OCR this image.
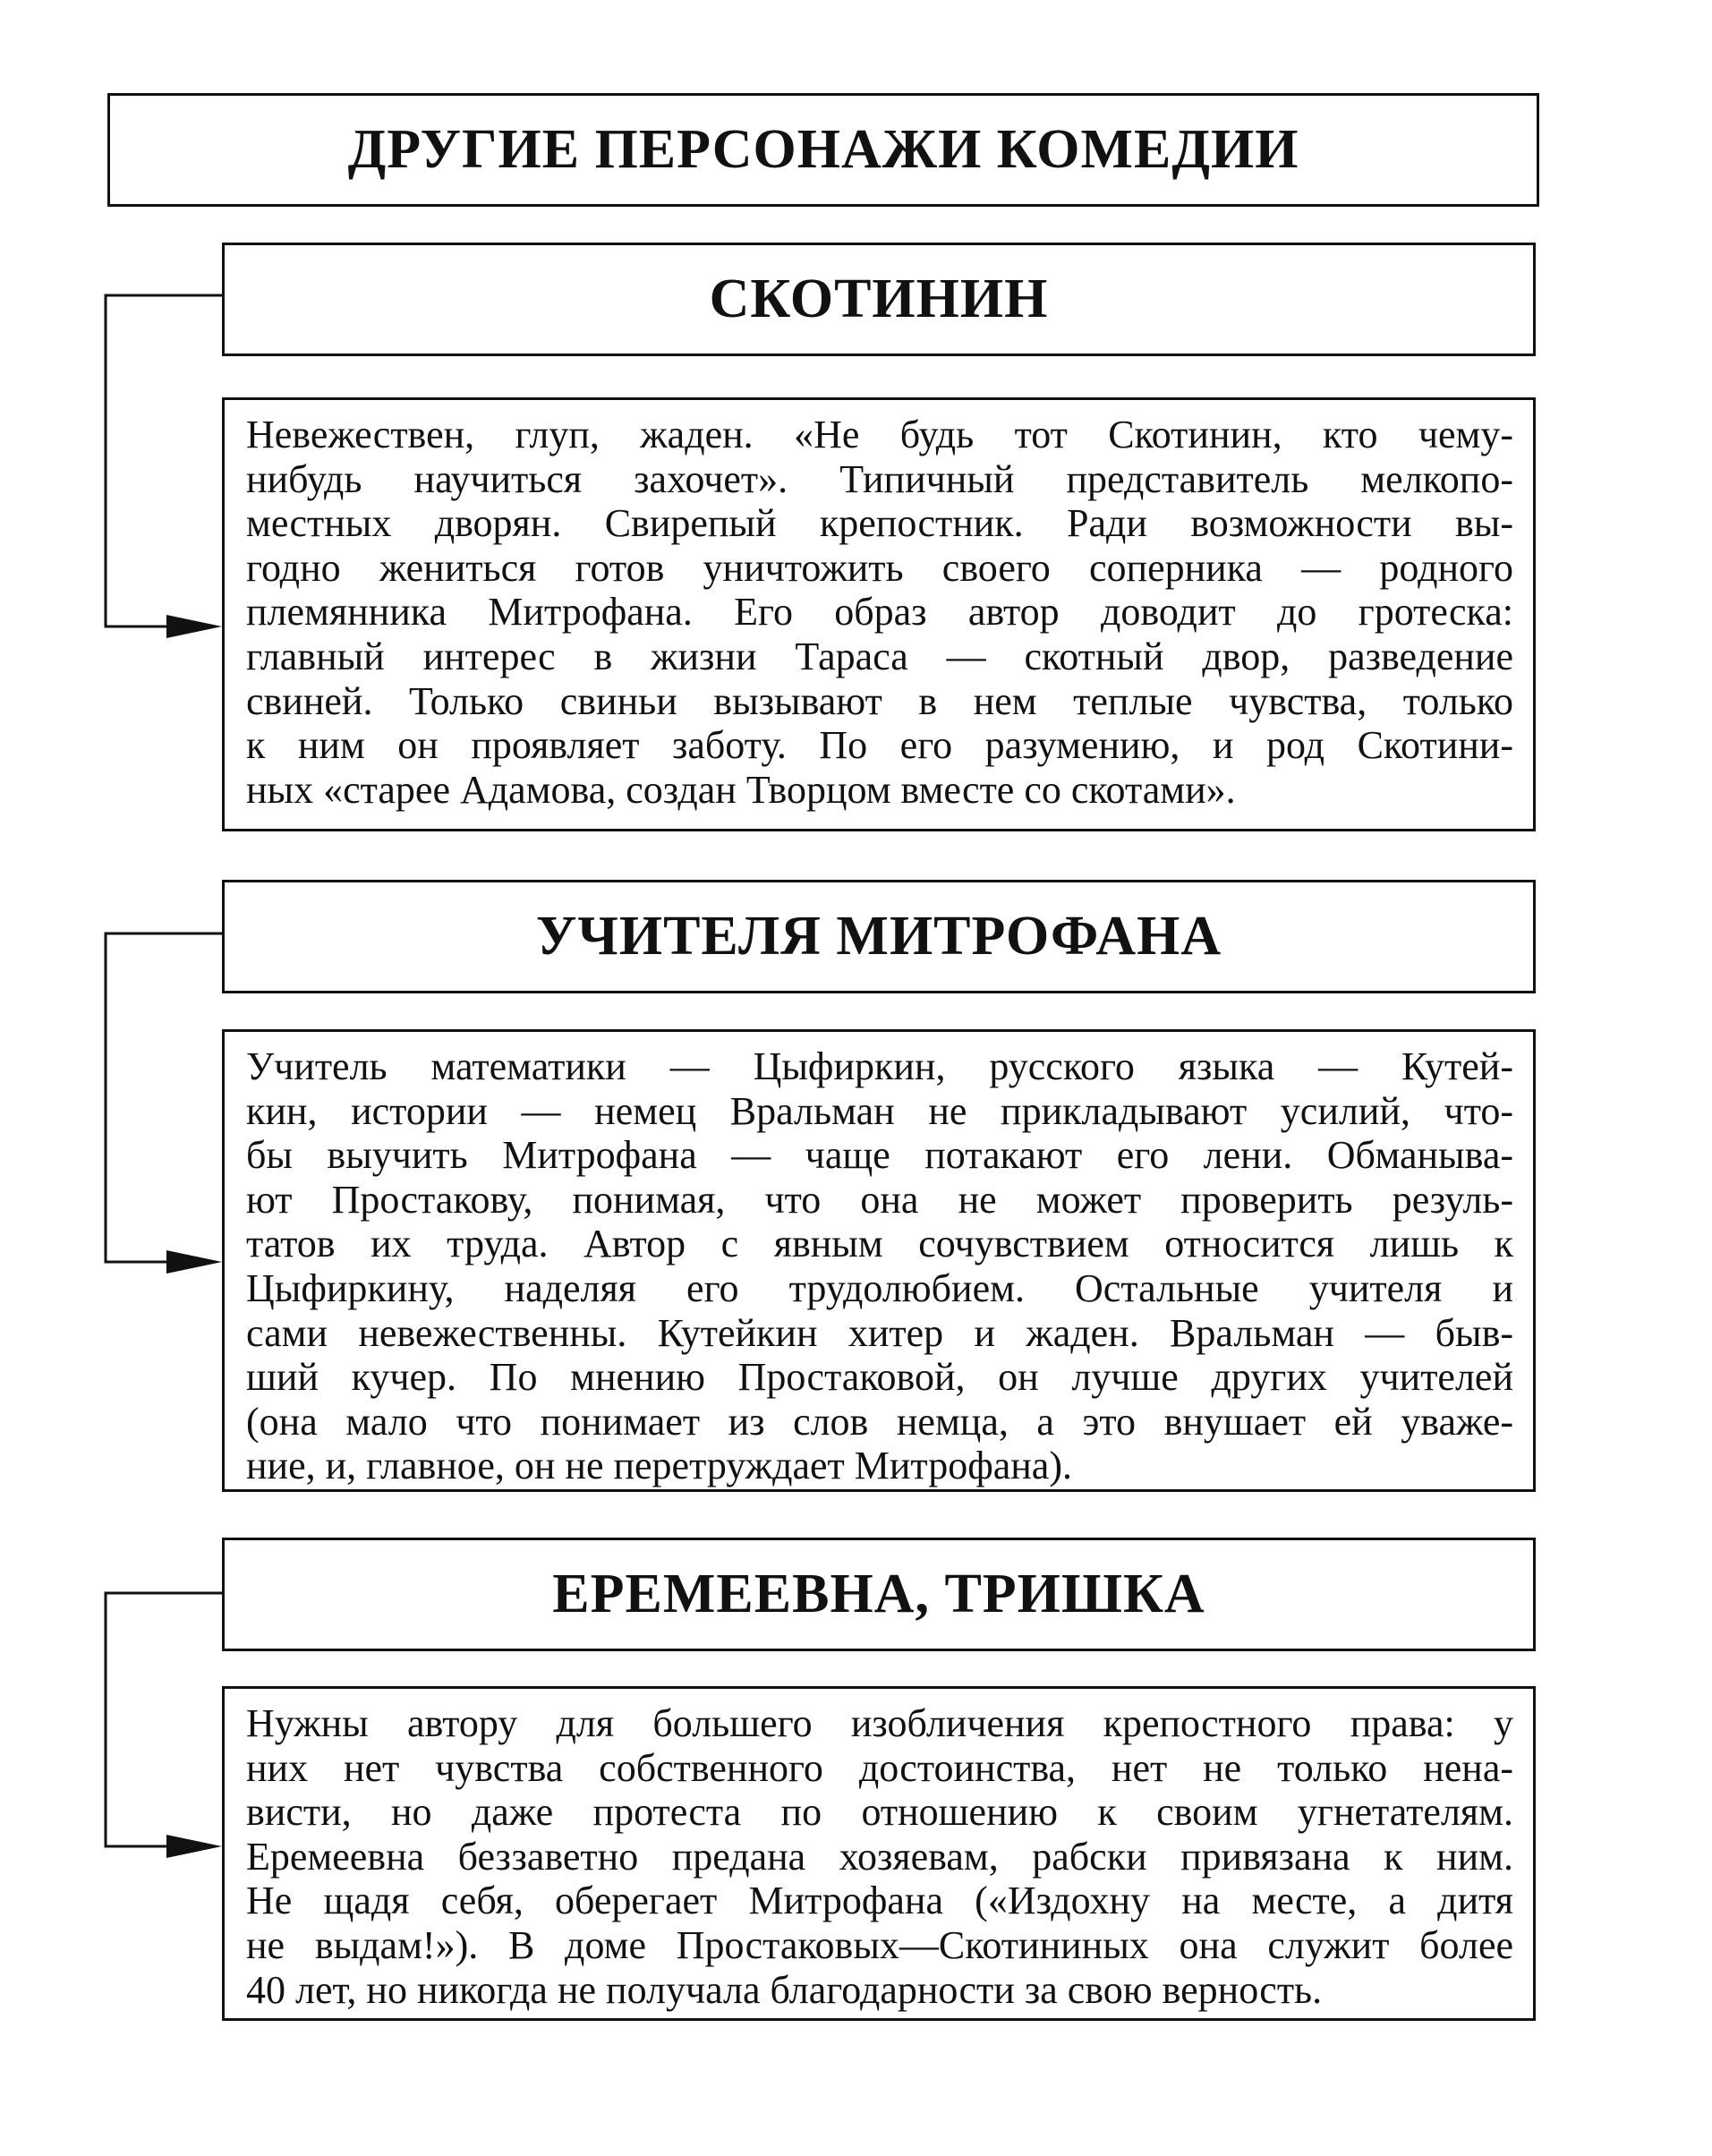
ДРУГИЕ ПЕРСОНАЖИ КОМЕДИИ
СКОТИНИН
Невежествен, глуп, жаден. «Не будь тот Скотинин, кто чему-
нибудь научиться захочет». Типичный представитель мелкопо-
местных дворян. Свирепый крепостник. Ради возможности вы-
годно жениться готов уничтожить своего соперника — родного
племянника Митрофана. Его образ автор доводит до гротеска:
главный интерес в жизни Тараса — скотный двор, разведение
свиней. Только свиньи вызывают в нем теплые чувства, только
к ним он проявляет заботу. По его разумению, и род Скотини-
ных «старее Адамова, создан Творцом вместе со скотами».
УЧИТЕЛЯ МИТРОФАНА
Учитель математики — Цыфиркин, русского языка — Кутей-
кин, истории — немец Вральман не прикладывают усилий, что-
бы выучить Митрофана — чаще потакают его лени. Обманыва-
ют Простакову, понимая, что она не может проверить резуль-
татов их труда. Автор с явным сочувствием относится лишь к
Цыфиркину, наделяя его трудолюбием. Остальные учителя и
сами невежественны. Кутейкин хитер и жаден. Вральман — быв-
ший кучер. По мнению Простаковой, он лучше других учителей
(она мало что понимает из слов немца, а это внушает ей уваже-
ние, и, главное, он не перетруждает Митрофана).
ЕРЕМЕЕВНА, ТРИШКА
Нужны автору для большего изобличения крепостного права: у
них нет чувства собственного достоинства, нет не только нена-
висти, но даже протеста по отношению к своим угнетателям.
Еремеевна беззаветно предана хозяевам, рабски привязана к ним.
Не щадя себя, оберегает Митрофана («Издохну на месте, а дитя
не выдам!»). В доме Простаковых—Скотининых она служит более
40 лет, но никогда не получала благодарности за свою верность.
